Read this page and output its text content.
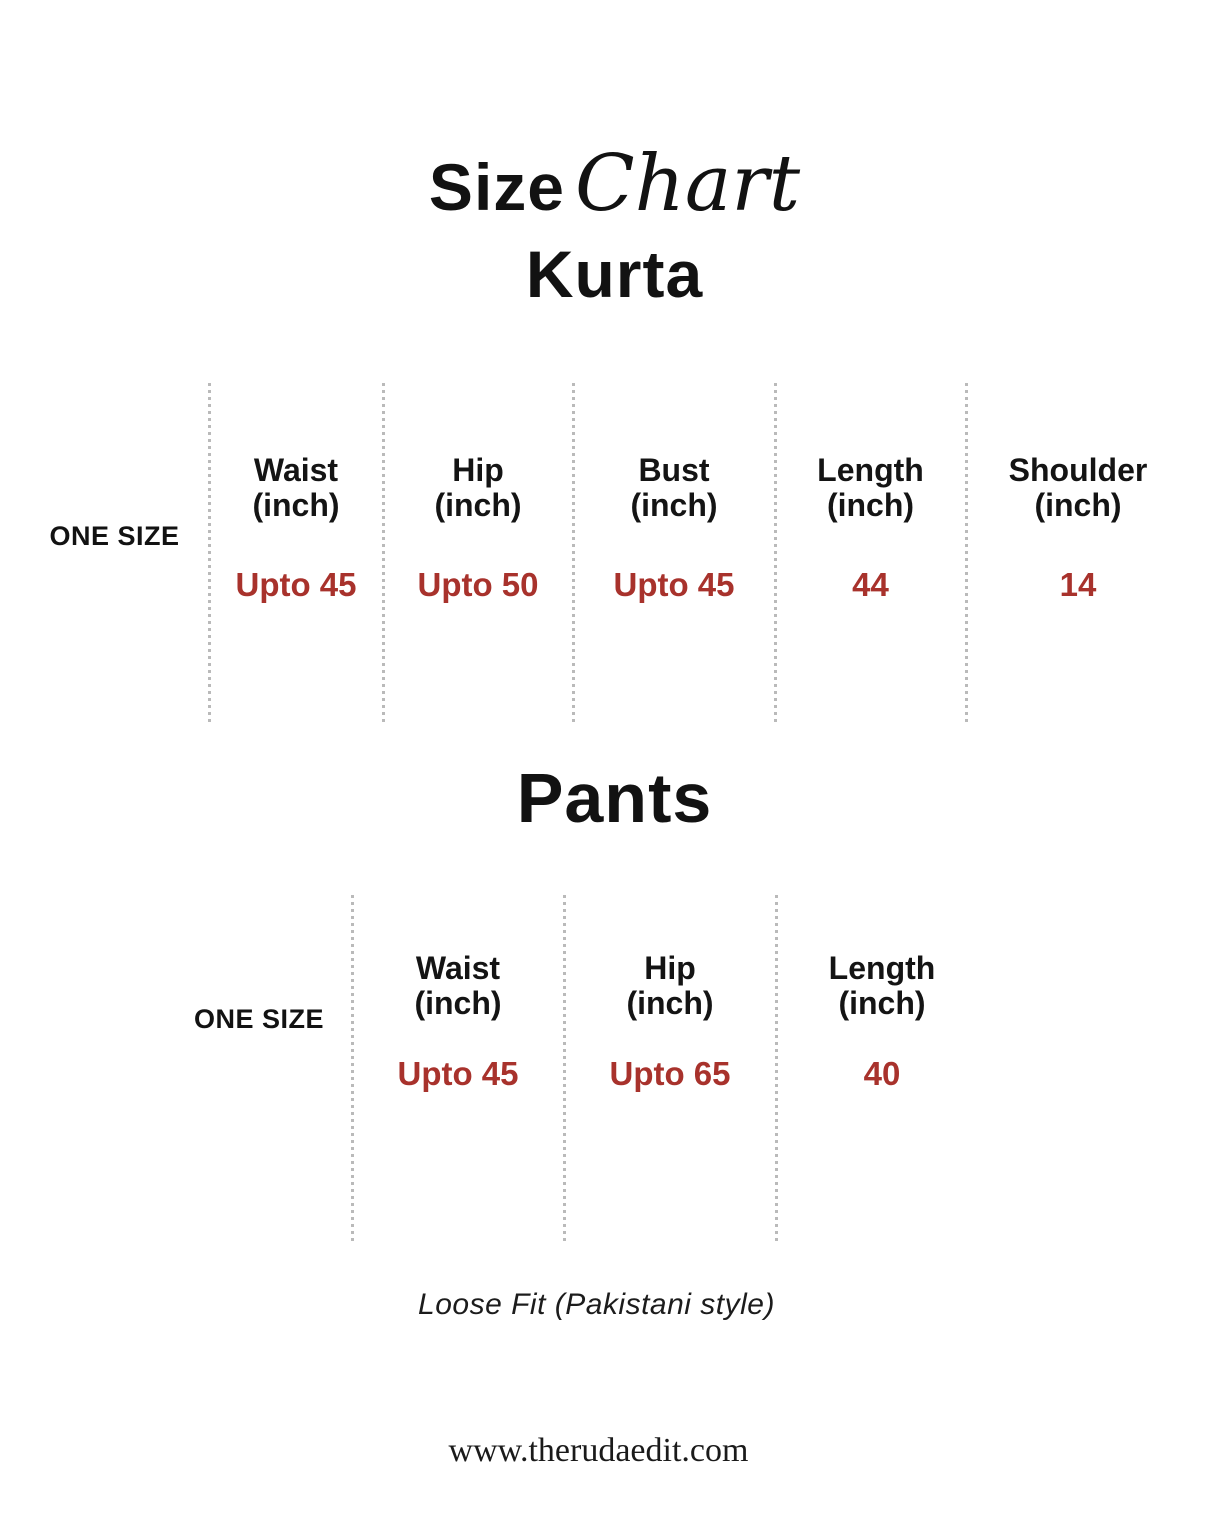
Size Chart
Kurta
ONE SIZE
Waist
(inch)
Upto 45
Hip
(inch)
Upto 50
Bust
(inch)
Upto 45
Length
(inch)
44
Shoulder
(inch)
14
Pants
ONE SIZE
Waist
(inch)
Upto 45
Hip
(inch)
Upto 65
Length
(inch)
40
Loose Fit (Pakistani style)
www.therudaedit.com
